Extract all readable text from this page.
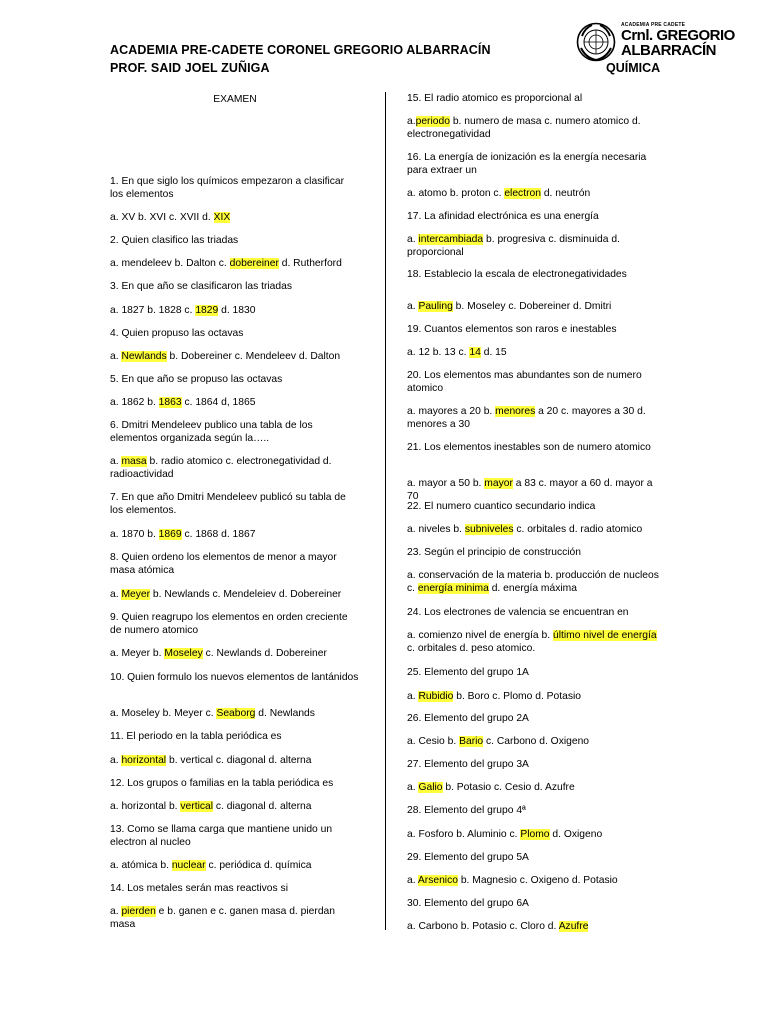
ACADEMIA PRE-CADETE CORONEL GREGORIO ALBARRACÍN
PROF. SAID JOEL ZUÑIGA	QUÍMICA
ACADEMIA PRE CADETE
Crnl. GREGORIO
ALBARRACÍN
EXAMEN
1. En que siglo los químicos empezaron a clasificar los elementos
a. XV b. XVI c. XVII d. XIX
2. Quien clasifico las triadas
a. mendeleev b. Dalton c. dobereiner d. Rutherford
3. En que año se clasificaron las triadas
a. 1827 b. 1828 c. 1829 d. 1830
4. Quien propuso las octavas
a. Newlands b. Dobereiner c. Mendeleev d. Dalton
5. En que año se propuso las octavas
a. 1862 b. 1863 c. 1864 d, 1865
6. Dmitri Mendeleev publico una tabla de los elementos organizada según la…..
a. masa b. radio atomico c. electronegatividad d. radioactividad
7. En que año Dmitri Mendeleev publicó su tabla de los elementos.
a. 1870 b. 1869 c. 1868 d. 1867
8. Quien ordeno los elementos de menor a mayor masa atómica
a. Meyer b. Newlands c. Mendeleiev d. Dobereiner
9. Quien reagrupo los elementos en orden creciente de numero atomico
a. Meyer b. Moseley c. Newlands d. Dobereiner
10. Quien formulo los nuevos elementos de lantánidos
a. Moseley b. Meyer c. Seaborg d. Newlands
11. El periodo en la tabla periódica es
a. horizontal b. vertical c. diagonal d. alterna
12. Los grupos o familias en la tabla periódica es
a. horizontal b. vertical c. diagonal d. alterna
13. Como se llama carga que mantiene unido un electron al nucleo
a. atómica b. nuclear c. periódica d. química
14. Los metales serán mas reactivos si
a. pierden e b. ganen e c. ganen masa d. pierdan masa
15. El radio atomico es proporcional al
a.periodo b. numero de masa c. numero atomico d. electronegatividad
16. La energía de ionización es la energía necesaria para extraer un
a. atomo b. proton c. electron d. neutrón
17. La afinidad electrónica es una energía
a. intercambiada b. progresiva c. disminuida d. proporcional
18. Establecio la escala de electronegatividades
a. Pauling b. Moseley c. Dobereiner d. Dmitri
19. Cuantos elementos son raros e inestables
a. 12 b. 13 c. 14 d. 15
20. Los elementos mas abundantes son de numero atomico
a. mayores a 20 b. menores a 20 c. mayores a 30 d. menores a 30
21. Los elementos inestables son de numero atomico
a. mayor a 50 b. mayor a 83 c. mayor a 60 d. mayor a 70
22. El numero cuantico secundario indica
a. niveles b. subniveles c. orbitales d. radio atomico
23. Según el principio de construcción
a. conservación de la materia b. producción de nucleos c. energía minima d. energía máxima
24. Los electrones de valencia se encuentran en
a. comienzo nivel de energía b. último nivel de energía c. orbitales d. peso atomico.
25. Elemento del grupo 1A
a. Rubidio b. Boro c. Plomo d. Potasio
26. Elemento del grupo 2A
a. Cesio b. Bario c. Carbono d. Oxigeno
27. Elemento del grupo 3A
a. Galio b. Potasio c. Cesio d. Azufre
28. Elemento del grupo 4ª
a. Fosforo b. Aluminio c. Plomo d. Oxigeno
29. Elemento del grupo 5A
a. Arsenico b. Magnesio c. Oxigeno d. Potasio
30. Elemento del grupo 6A
a. Carbono b. Potasio c. Cloro d. Azufre
